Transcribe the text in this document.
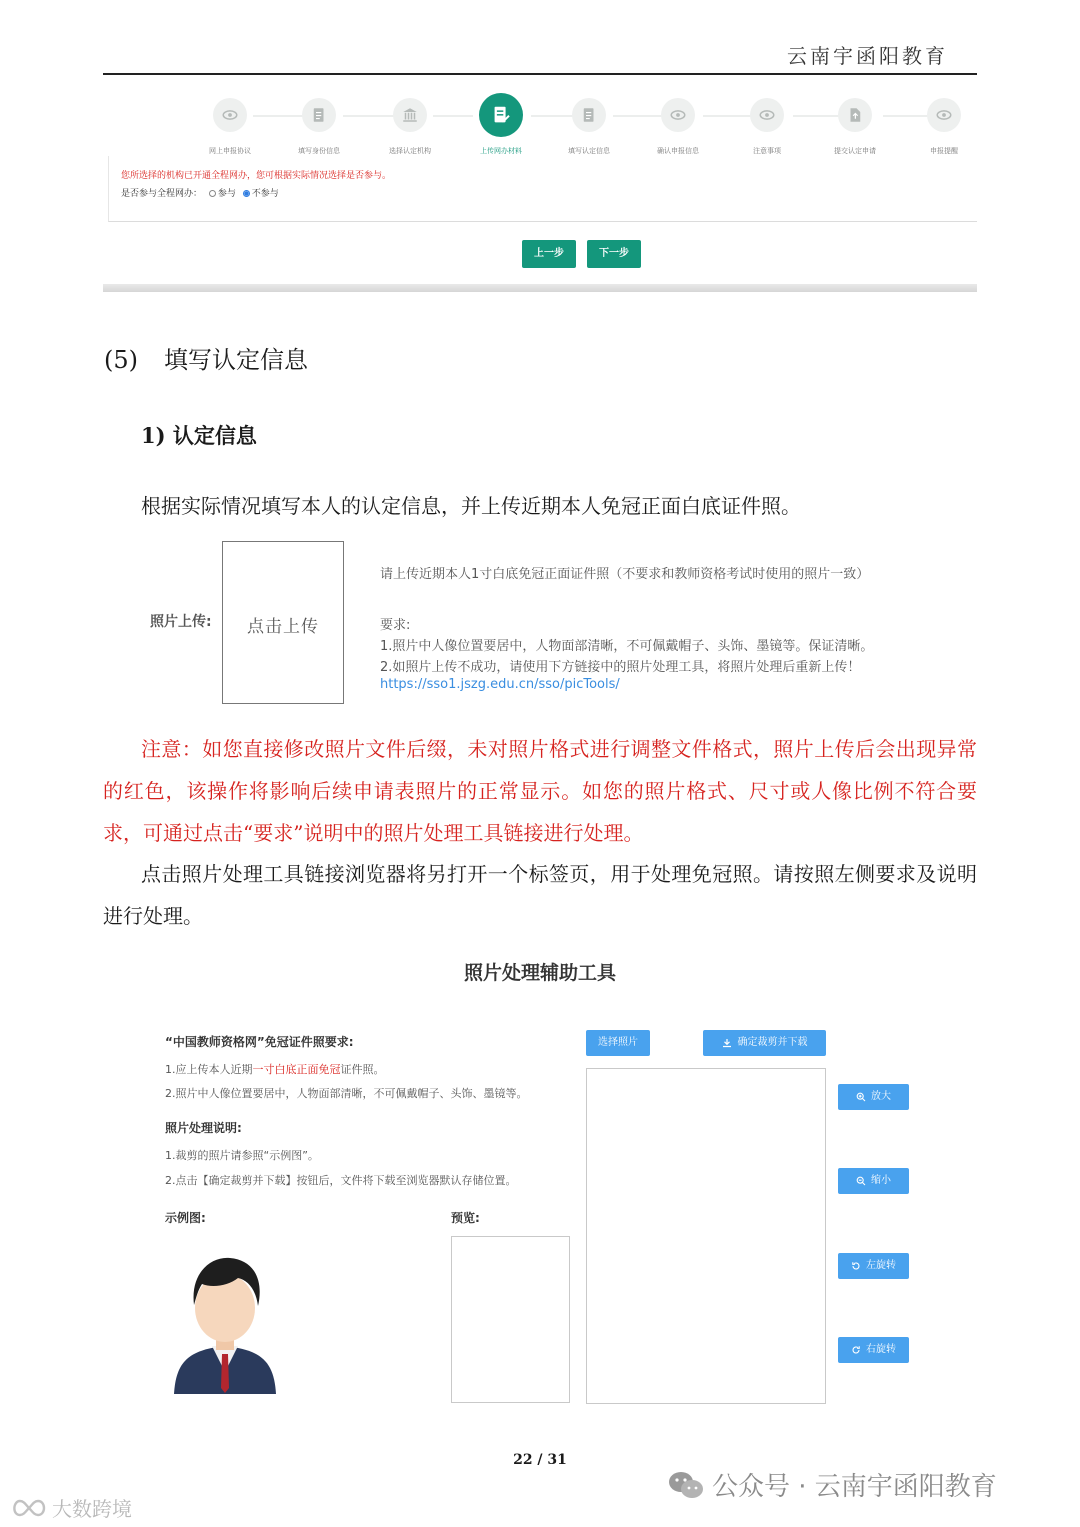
云南宇函阳教育
网上申报协议	填写身份信息	选择认定机构	上传网办材料	填写认定信息	确认申报信息	注意事项	提交认定申请	申报提醒
您所选择的机构已开通全程网办，您可根据实际情况选择是否参与。
是否参与全程网办： 参与 不参与
上一步	下一步
(5) 填写认定信息
1) 认定信息
根据实际情况填写本人的认定信息，并上传近期本人免冠正面白底证件照。
照片上传:	点击上传
请上传近期本人1寸白底免冠正面证件照（不要求和教师资格考试时使用的照片一致）
要求:
1.照片中人像位置要居中，人物面部清晰，不可佩戴帽子、头饰、墨镜等。保证清晰。
2.如照片上传不成功，请使用下方链接中的照片处理工具，将照片处理后重新上传！
https://sso1.jszg.edu.cn/sso/picTools/
注意：如您直接修改照片文件后缀，未对照片格式进行调整文件格式，照片上传后会出现异常的红色，该操作将影响后续申请表照片的正常显示。如您的照片格式、尺寸或人像比例不符合要求，可通过点击“要求”说明中的照片处理工具链接进行处理。
点击照片处理工具链接浏览器将另打开一个标签页，用于处理免冠照。请按照左侧要求及说明进行处理。
照片处理辅助工具
“中国教师资格网”免冠证件照要求:
1.应上传本人近期一寸白底正面免冠证件照。
2.照片中人像位置要居中，人物面部清晰，不可佩戴帽子、头饰、墨镜等。
照片处理说明:
1.裁剪的照片请参照“示例图”。
2.点击【确定裁剪并下载】按钮后，文件将下载至浏览器默认存储位置。
示例图:	预览:
选择照片	确定裁剪并下载
放大
缩小
左旋转
右旋转
22 / 31
公众号 · 云南宇函阳教育
大数跨境
